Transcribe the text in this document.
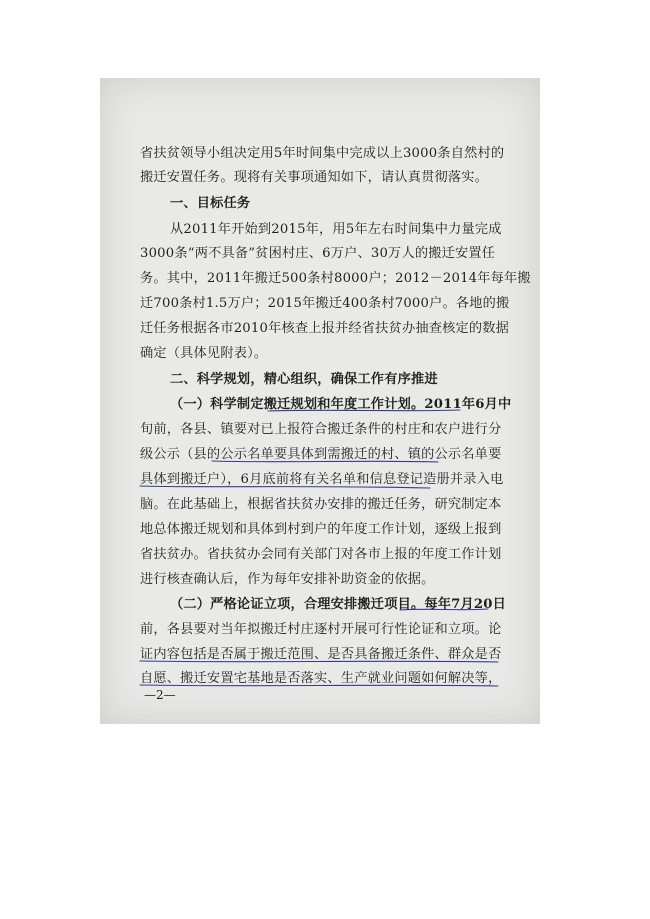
省扶贫领导小组决定用5年时间集中完成以上3000条自然村的
搬迁安置任务。现将有关事项通知如下，请认真贯彻落实。
一、目标任务
从2011年开始到2015年，用5年左右时间集中力量完成
3000条“两不具备”贫困村庄、6万户、30万人的搬迁安置任
务。其中，2011年搬迁500条村8000户；2012－2014年每年搬
迁700条村1.5万户；2015年搬迁400条村7000户。各地的搬
迁任务根据各市2010年核查上报并经省扶贫办抽查核定的数据
确定（具体见附表）。
二、科学规划，精心组织，确保工作有序推进
（一）科学制定搬迁规划和年度工作计划。2011年6月中
旬前，各县、镇要对已上报符合搬迁条件的村庄和农户进行分
级公示（县的公示名单要具体到需搬迁的村、镇的公示名单要
具体到搬迁户），6月底前将有关名单和信息登记造册并录入电
脑。在此基础上，根据省扶贫办安排的搬迁任务，研究制定本
地总体搬迁规划和具体到村到户的年度工作计划，逐级上报到
省扶贫办。省扶贫办会同有关部门对各市上报的年度工作计划
进行核查确认后，作为每年安排补助资金的依据。
（二）严格论证立项，合理安排搬迁项目。每年7月20日
前，各县要对当年拟搬迁村庄逐村开展可行性论证和立项。论
证内容包括是否属于搬迁范围、是否具备搬迁条件、群众是否
自愿、搬迁安置宅基地是否落实、生产就业问题如何解决等，
—2—
